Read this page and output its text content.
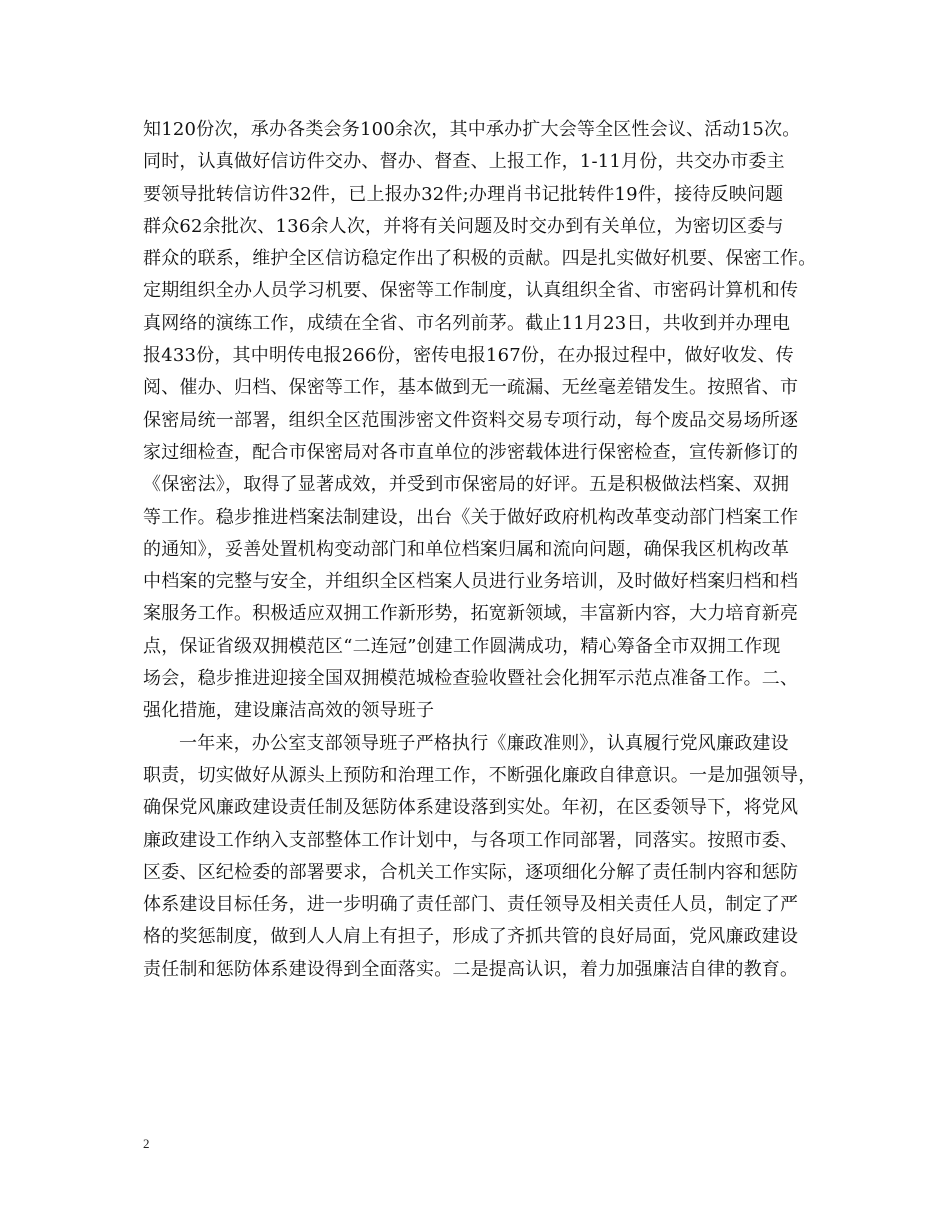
知120份次，承办各类会务100余次，其中承办扩大会等全区性会议、活动15次。
同时，认真做好信访件交办、督办、督查、上报工作，1-11月份，共交办市委主
要领导批转信访件32件，已上报办32件;办理肖书记批转件19件，接待反映问题
群众62余批次、136余人次，并将有关问题及时交办到有关单位，为密切区委与
群众的联系，维护全区信访稳定作出了积极的贡献。四是扎实做好机要、保密工作。
定期组织全办人员学习机要、保密等工作制度，认真组织全省、市密码计算机和传
真网络的演练工作，成绩在全省、市名列前茅。截止11月23日，共收到并办理电
报433份，其中明传电报266份，密传电报167份，在办报过程中，做好收发、传
阅、催办、归档、保密等工作，基本做到无一疏漏、无丝毫差错发生。按照省、市
保密局统一部署，组织全区范围涉密文件资料交易专项行动，每个废品交易场所逐
家过细检查，配合市保密局对各市直单位的涉密载体进行保密检查，宣传新修订的
《保密法》，取得了显著成效，并受到市保密局的好评。五是积极做法档案、双拥
等工作。稳步推进档案法制建设，出台《关于做好政府机构改革变动部门档案工作
的通知》，妥善处置机构变动部门和单位档案归属和流向问题，确保我区机构改革
中档案的完整与安全，并组织全区档案人员进行业务培训，及时做好档案归档和档
案服务工作。积极适应双拥工作新形势，拓宽新领域，丰富新内容，大力培育新亮
点，保证省级双拥模范区“二连冠”创建工作圆满成功，精心筹备全市双拥工作现
场会，稳步推进迎接全国双拥模范城检查验收暨社会化拥军示范点准备工作。二、
强化措施，建设廉洁高效的领导班子
一年来，办公室支部领导班子严格执行《廉政准则》，认真履行党风廉政建设
职责，切实做好从源头上预防和治理工作，不断强化廉政自律意识。一是加强领导，
确保党风廉政建设责任制及惩防体系建设落到实处。年初，在区委领导下，将党风
廉政建设工作纳入支部整体工作计划中，与各项工作同部署，同落实。按照市委、
区委、区纪检委的部署要求，合机关工作实际，逐项细化分解了责任制内容和惩防
体系建设目标任务，进一步明确了责任部门、责任领导及相关责任人员，制定了严
格的奖惩制度，做到人人肩上有担子，形成了齐抓共管的良好局面，党风廉政建设
责任制和惩防体系建设得到全面落实。二是提高认识，着力加强廉洁自律的教育。
2
